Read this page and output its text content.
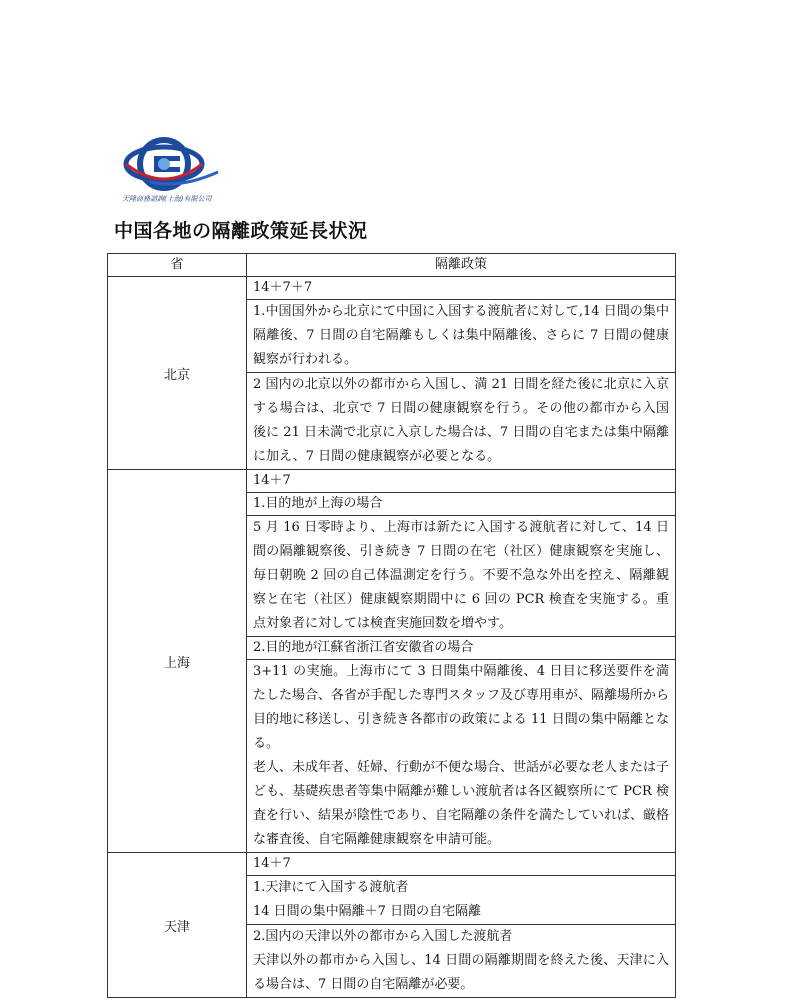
天隆商務諮詢(上海)有限公司
中国各地の隔離政策延長状況
省	隔離政策
北京	14＋7＋7
	1.中国国外から北京にて中国に入国する渡航者に対して,14 日間の集中隔離後、7 日間の自宅隔離もしくは集中隔離後、さらに 7 日間の健康観察が行われる。
	2 国内の北京以外の都市から入国し、満 21 日間を経た後に北京に入京する場合は、北京で 7 日間の健康観察を行う。その他の都市から入国後に 21 日未満で北京に入京した場合は、7 日間の自宅または集中隔離に加え、7 日間の健康観察が必要となる。
上海	14＋7
	1.目的地が上海の場合
	5 月 16 日零時より、上海市は新たに入国する渡航者に対して、14 日間の隔離観察後、引き続き 7 日間の在宅（社区）健康観察を実施し、毎日朝晩 2 回の自己体温測定を行う。不要不急な外出を控え、隔離観察と在宅（社区）健康観察期間中に 6 回の PCR 検査を実施する。重点対象者に対しては検査実施回数を増やす。
	2.目的地が江蘇省浙江省安徽省の場合

	3+11 の実施。上海市にて 3 日間集中隔離後、4 日目に移送要件を満たした場合、各省が手配した専門スタッフ及び専用車が、隔離場所から目的地に移送し、引き続き各都市の政策による 11 日間の集中隔離となる。
老人、未成年者、妊婦、行動が不便な場合、世話が必要な老人または子ども、基礎疾患者等集中隔離が難しい渡航者は各区観察所にて PCR 検査を行い、結果が陰性であり、自宅隔離の条件を満たしていれば、厳格な審査後、自宅隔離健康観察を申請可能。

天津	14＋7

	1.天津にて入国する渡航者
14 日間の集中隔離＋7 日間の自宅隔離

	2.国内の天津以外の都市から入国した渡航者
天津以外の都市から入国し、14 日間の隔離期間を終えた後、天津に入る場合は、7 日間の自宅隔離が必要。
